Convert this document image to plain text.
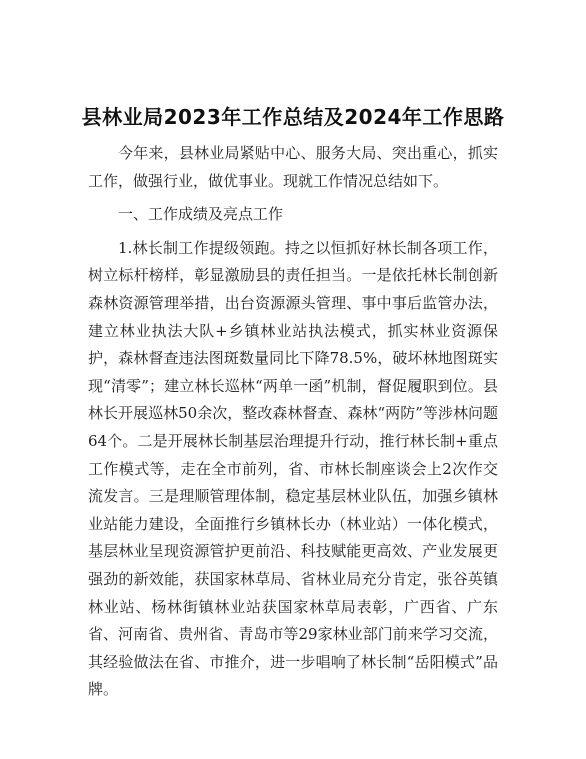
县林业局2023年工作总结及2024年工作思路

今年来，县林业局紧贴中心、服务大局、突出重心，抓实工作，做强行业，做优事业。现就工作情况总结如下。

一、工作成绩及亮点工作

1.林长制工作提级领跑。持之以恒抓好林长制各项工作，树立标杆榜样，彰显激励县的责任担当。一是依托林长制创新森林资源管理举措，出台资源源头管理、事中事后监管办法，建立林业执法大队+乡镇林业站执法模式，抓实林业资源保护，森林督查违法图斑数量同比下降78.5%，破坏林地图斑实现“清零”；建立林长巡林“两单一函”机制，督促履职到位。县林长开展巡林50余次，整改森林督查、森林“两防”等涉林问题64个。二是开展林长制基层治理提升行动，推行林长制+重点工作模式等，走在全市前列，省、市林长制座谈会上2次作交流发言。三是理顺管理体制，稳定基层林业队伍，加强乡镇林业站能力建设，全面推行乡镇林长办（林业站）一体化模式，基层林业呈现资源管护更前沿、科技赋能更高效、产业发展更强劲的新效能，获国家林草局、省林业局充分肯定，张谷英镇林业站、杨林街镇林业站获国家林草局表彰，广西省、广东省、河南省、贵州省、青岛市等29家林业部门前来学习交流，其经验做法在省、市推介，进一步唱响了林长制“岳阳模式”品牌。
